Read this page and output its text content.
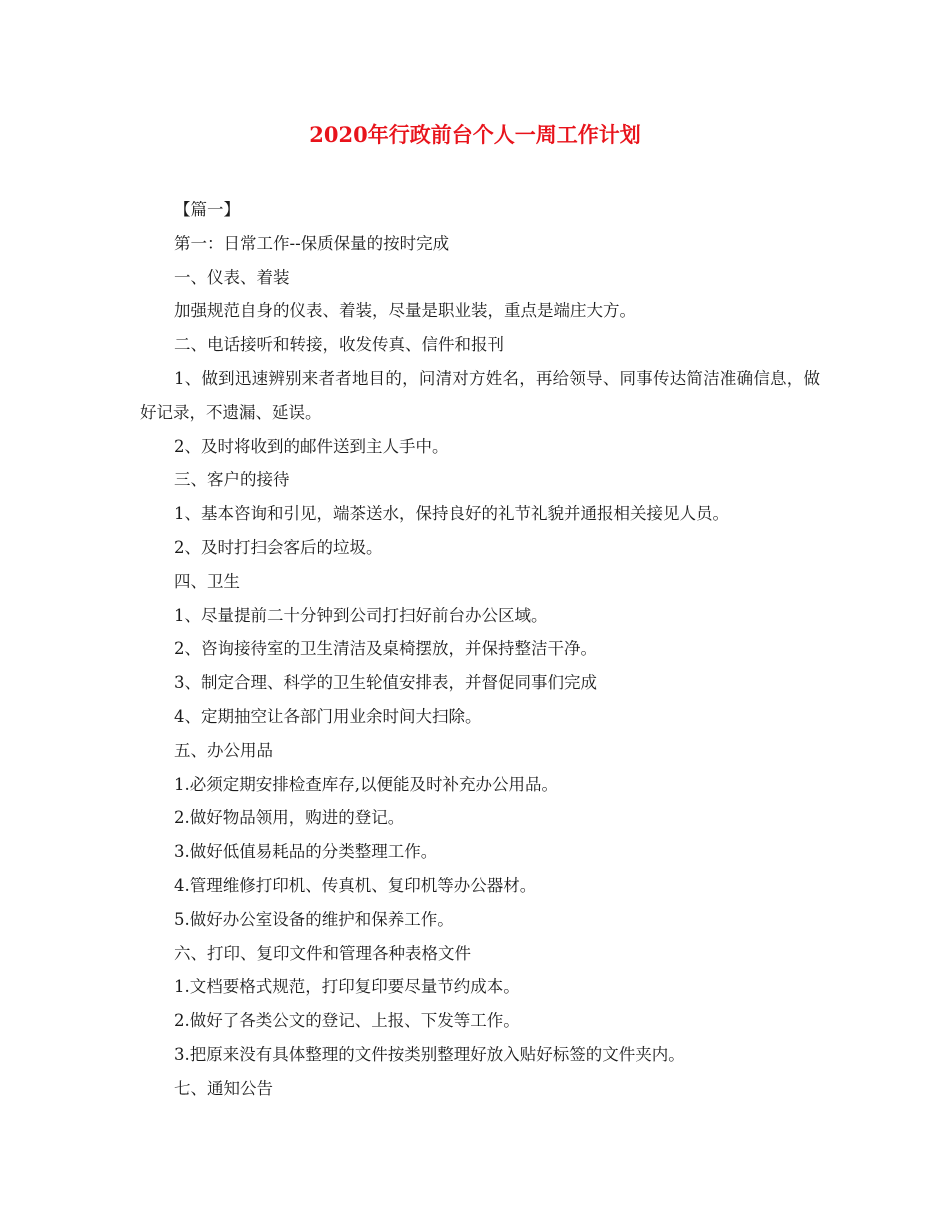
2020年行政前台个人一周工作计划

【篇一】

第一：日常工作--保质保量的按时完成

一、仪表、着装

加强规范自身的仪表、着装，尽量是职业装，重点是端庄大方。

二、电话接听和转接，收发传真、信件和报刊

1、做到迅速辨别来者者地目的，问清对方姓名，再给领导、同事传达简洁准确信息，做好记录，不遗漏、延误。

2、及时将收到的邮件送到主人手中。

三、客户的接待

1、基本咨询和引见，端茶送水，保持良好的礼节礼貌并通报相关接见人员。

2、及时打扫会客后的垃圾。

四、卫生

1、尽量提前二十分钟到公司打扫好前台办公区域。

2、咨询接待室的卫生清洁及桌椅摆放，并保持整洁干净。

3、制定合理、科学的卫生轮值安排表，并督促同事们完成

4、定期抽空让各部门用业余时间大扫除。

五、办公用品

1.必须定期安排检查库存,以便能及时补充办公用品。

2.做好物品领用，购进的登记。

3.做好低值易耗品的分类整理工作。

4.管理维修打印机、传真机、复印机等办公器材。

5.做好办公室设备的维护和保养工作。

六、打印、复印文件和管理各种表格文件

1.文档要格式规范，打印复印要尽量节约成本。

2.做好了各类公文的登记、上报、下发等工作。

3.把原来没有具体整理的文件按类别整理好放入贴好标签的文件夹内。

七、通知公告
